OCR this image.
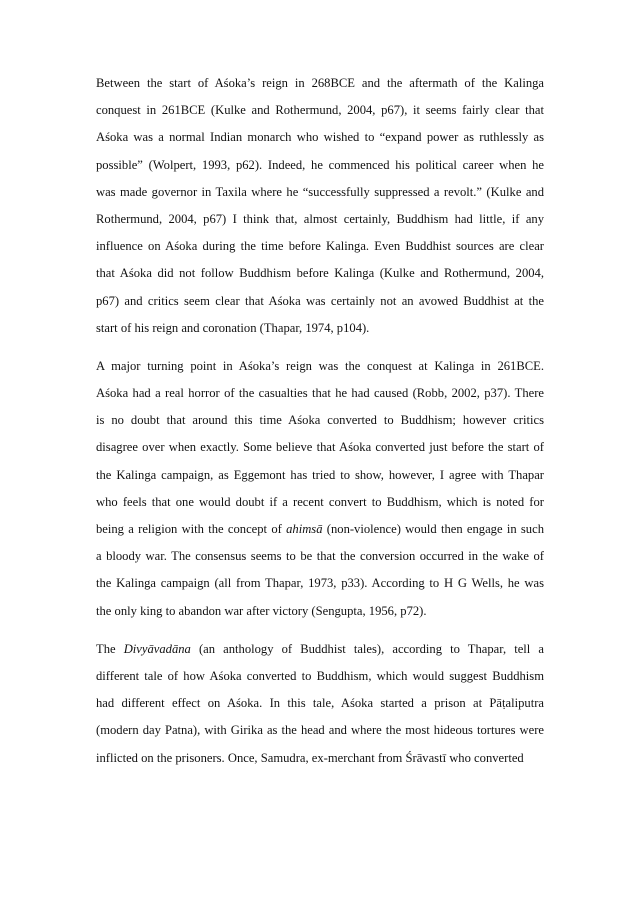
Between the start of Aśoka’s reign in 268BCE and the aftermath of the Kalinga
conquest in 261BCE (Kulke and Rothermund, 2004, p67), it seems fairly clear that
Aśoka was a normal Indian monarch who wished to “expand power as ruthlessly as
possible” (Wolpert, 1993, p62). Indeed, he commenced his political career when he
was made governor in Taxila where he “successfully suppressed a revolt.” (Kulke and
Rothermund, 2004, p67) I think that, almost certainly, Buddhism had little, if any
influence on Aśoka during the time before Kalinga. Even Buddhist sources are clear
that Aśoka did not follow Buddhism before Kalinga (Kulke and Rothermund, 2004,
p67) and critics seem clear that Aśoka was certainly not an avowed Buddhist at the
start of his reign and coronation (Thapar, 1974, p104).
A major turning point in Aśoka’s reign was the conquest at Kalinga in 261BCE.
Aśoka had a real horror of the casualties that he had caused (Robb, 2002, p37). There
is no doubt that around this time Aśoka converted to Buddhism; however critics
disagree over when exactly. Some believe that Aśoka converted just before the start of
the Kalinga campaign, as Eggemont has tried to show, however, I agree with Thapar
who feels that one would doubt if a recent convert to Buddhism, which is noted for
being a religion with the concept of ahimsā (non-violence) would then engage in such
a bloody war. The consensus seems to be that the conversion occurred in the wake of
the Kalinga campaign (all from Thapar, 1973, p33). According to H G Wells, he was
the only king to abandon war after victory (Sengupta, 1956, p72).
The Divyāvadāna (an anthology of Buddhist tales), according to Thapar, tell a
different tale of how Aśoka converted to Buddhism, which would suggest Buddhism
had different effect on Aśoka. In this tale, Aśoka started a prison at Pāṭaliputra
(modern day Patna), with Girika as the head and where the most hideous tortures were
inflicted on the prisoners. Once, Samudra, ex-merchant from Śrāvastī who converted
